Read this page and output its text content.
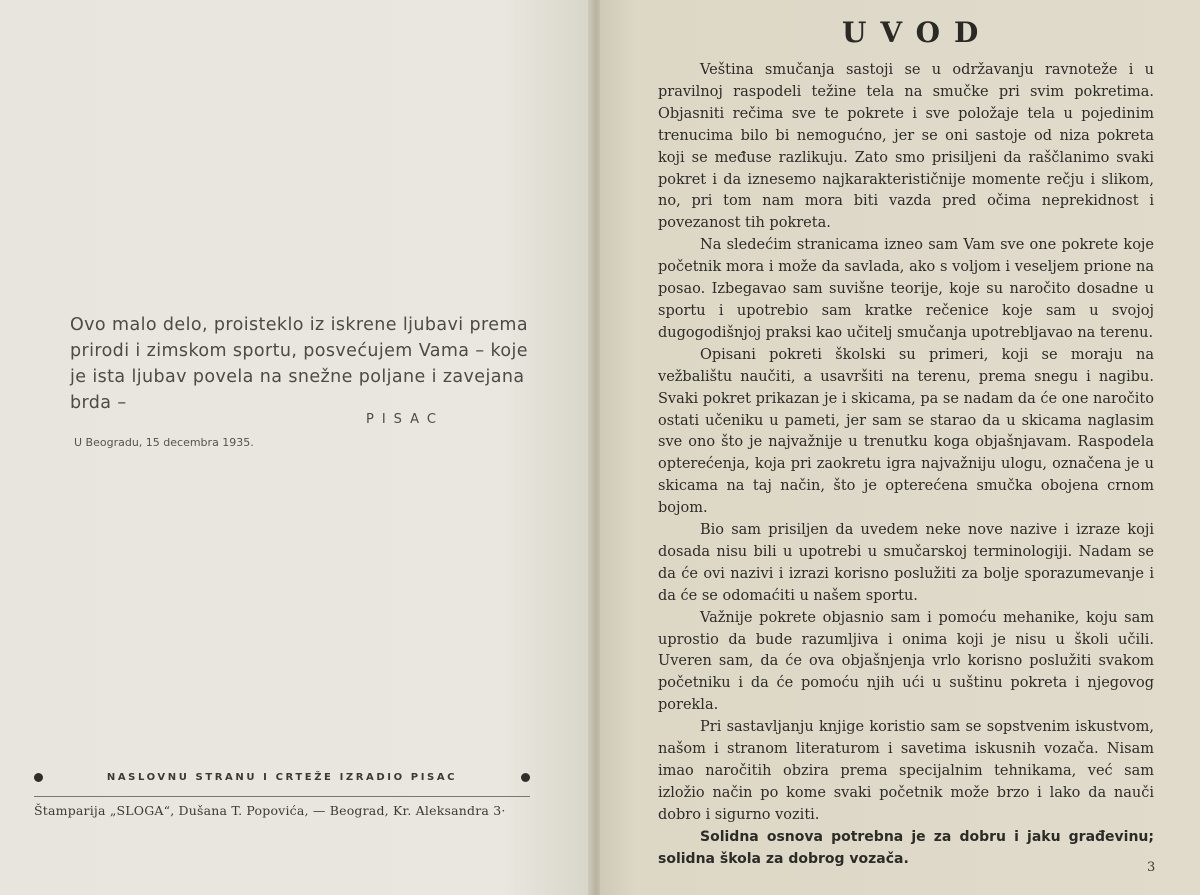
Ovo malo delo, proisteklo iz iskrene ljubavi prema prirodi i zimskom sportu, posvećujem Vama – koje je ista ljubav povela na snežne poljane i zavejana brda –

PISAC
U Beogradu, 15 decembra 1935.
NASLOVNU STRANU I CRTEŽE IZRADIO PISAC
Štamparija „SLOGA“, Dušana T. Popovića, — Beograd, Kr. Aleksandra 3·
UVOD

Veština smučanja sastoji se u održavanju ravnoteže i u pravilnoj raspodeli težine tela na smučke pri svim pokretima. Objasniti rečima sve te pokrete i sve položaje tela u pojedinim trenucima bilo bi nemogućno, jer se oni sastoje od niza pokreta koji se međuse razlikuju. Zato smo prisiljeni da raščlanimo svaki pokret i da iznesemo najkarakterističnije momente rečju i slikom, no, pri tom nam mora biti vazda pred očima neprekidnost i povezanost tih pokreta.

Na sledećim stranicama izneo sam Vam sve one pokrete koje početnik mora i može da savlada, ako s voljom i veseljem prione na posao. Izbegavao sam suvišne teorije, koje su naročito dosadne u sportu i upotrebio sam kratke rečenice koje sam u svojoj dugogodišnjoj praksi kao učitelj smučanja upotrebljavao na terenu.

Opisani pokreti školski su primeri, koji se moraju na vežbalištu naučiti, a usavršiti na terenu, prema snegu i nagibu. Svaki pokret prikazan je i skicama, pa se nadam da će one naročito ostati učeniku u pameti, jer sam se starao da u skicama naglasim sve ono što je najvažnije u trenutku koga objašnjavam. Raspodela opterećenja, koja pri zaokretu igra najvažniju ulogu, označena je u skicama na taj način, što je opterećena smučka obojena crnom bojom.

Bio sam prisiljen da uvedem neke nove nazive i izraze koji dosada nisu bili u upotrebi u smučarskoj terminologiji. Nadam se da će ovi nazivi i izrazi korisno poslužiti za bolje sporazumevanje i da će se odomaćiti u našem sportu.

Važnije pokrete objasnio sam i pomoću mehanike, koju sam uprostio da bude razumljiva i onima koji je nisu u školi učili. Uveren sam, da će ova objašnjenja vrlo korisno poslužiti svakom početniku i da će pomoću njih ući u suštinu pokreta i njegovog porekla.

Pri sastavljanju knjige koristio sam se sopstvenim iskustvom, našom i stranom literaturom i savetima iskusnih vozača. Nisam imao naročitih obzira prema specijalnim tehnikama, već sam izložio način po kome svaki početnik može brzo i lako da nauči dobro i sigurno voziti.

Solidna osnova potrebna je za dobru i jaku građevinu; solidna škola za dobrog vozača.

3
